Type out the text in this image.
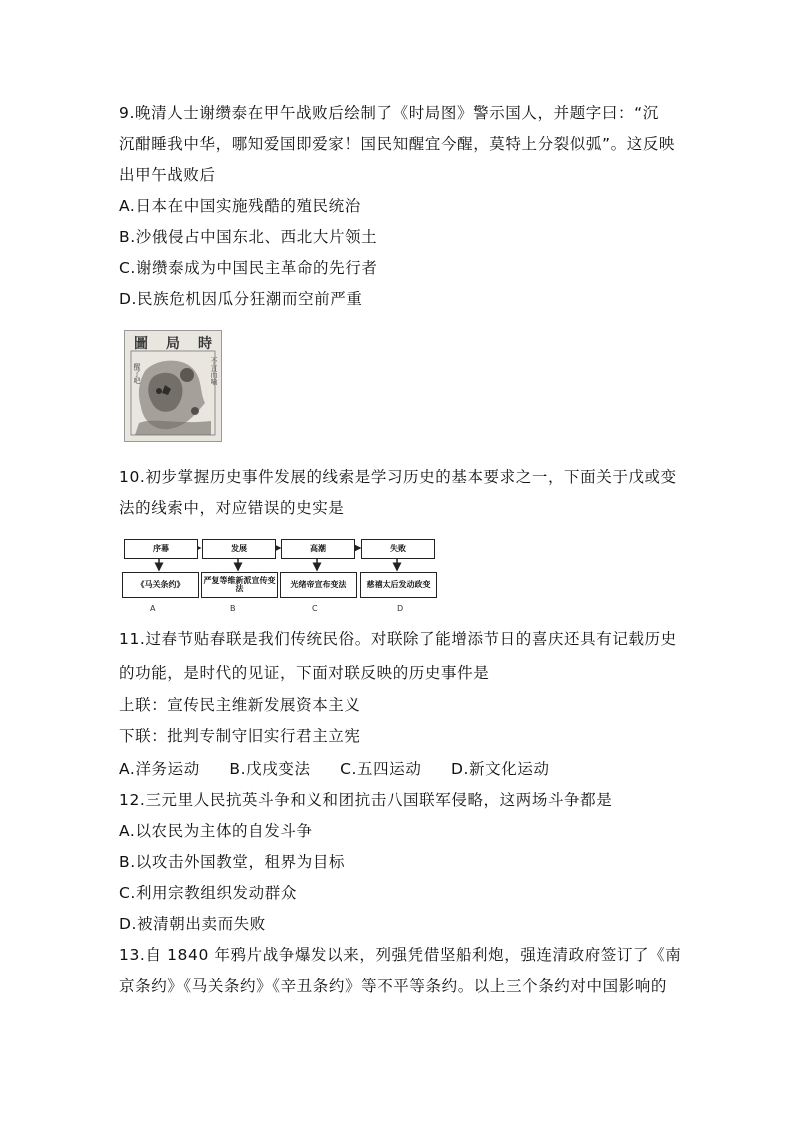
9.晚清人士谢缵泰在甲午战败后绘制了《时局图》警示国人，并题字曰：“沉
沉酣睡我中华，哪知爱国即爱家！国民知醒宜今醒，莫特上分裂似弧”。这反映
出甲午战败后
A.日本在中国实施残酷的殖民统治
B.沙俄侵占中国东北、西北大片领土
C.谢缵泰成为中国民主革命的先行者
D.民族危机因瓜分狂潮而空前严重
圖 局 時
醒了吧	不言而喻
10.初步掌握历史事件发展的线索是学习历史的基本要求之一，下面关于戊或变
法的线索中，对应错误的史实是
序幕	发展	高潮	失败
《马关条约》	严复等维新派宣传变法	光绪帝宣布变法	慈禧太后发动政变
A	B	C	D
11.过春节贴春联是我们传统民俗。对联除了能增添节日的喜庆还具有记载历史
的功能，是时代的见证，下面对联反映的历史事件是
上联：宣传民主维新发展资本主义
下联：批判专制守旧实行君主立宪
A.洋务运动 B.戊戌变法 C.五四运动 D.新文化运动
12.三元里人民抗英斗争和义和团抗击八国联军侵略，这两场斗争都是
A.以农民为主体的自发斗争
B.以攻击外国教堂，租界为目标
C.利用宗教组织发动群众
D.被清朝出卖而失败
13.自 1840 年鸦片战争爆发以来，列强凭借坚船利炮，强连清政府签订了《南
京条约》《马关条约》《辛丑条约》等不平等条约。以上三个条约对中国影响的
